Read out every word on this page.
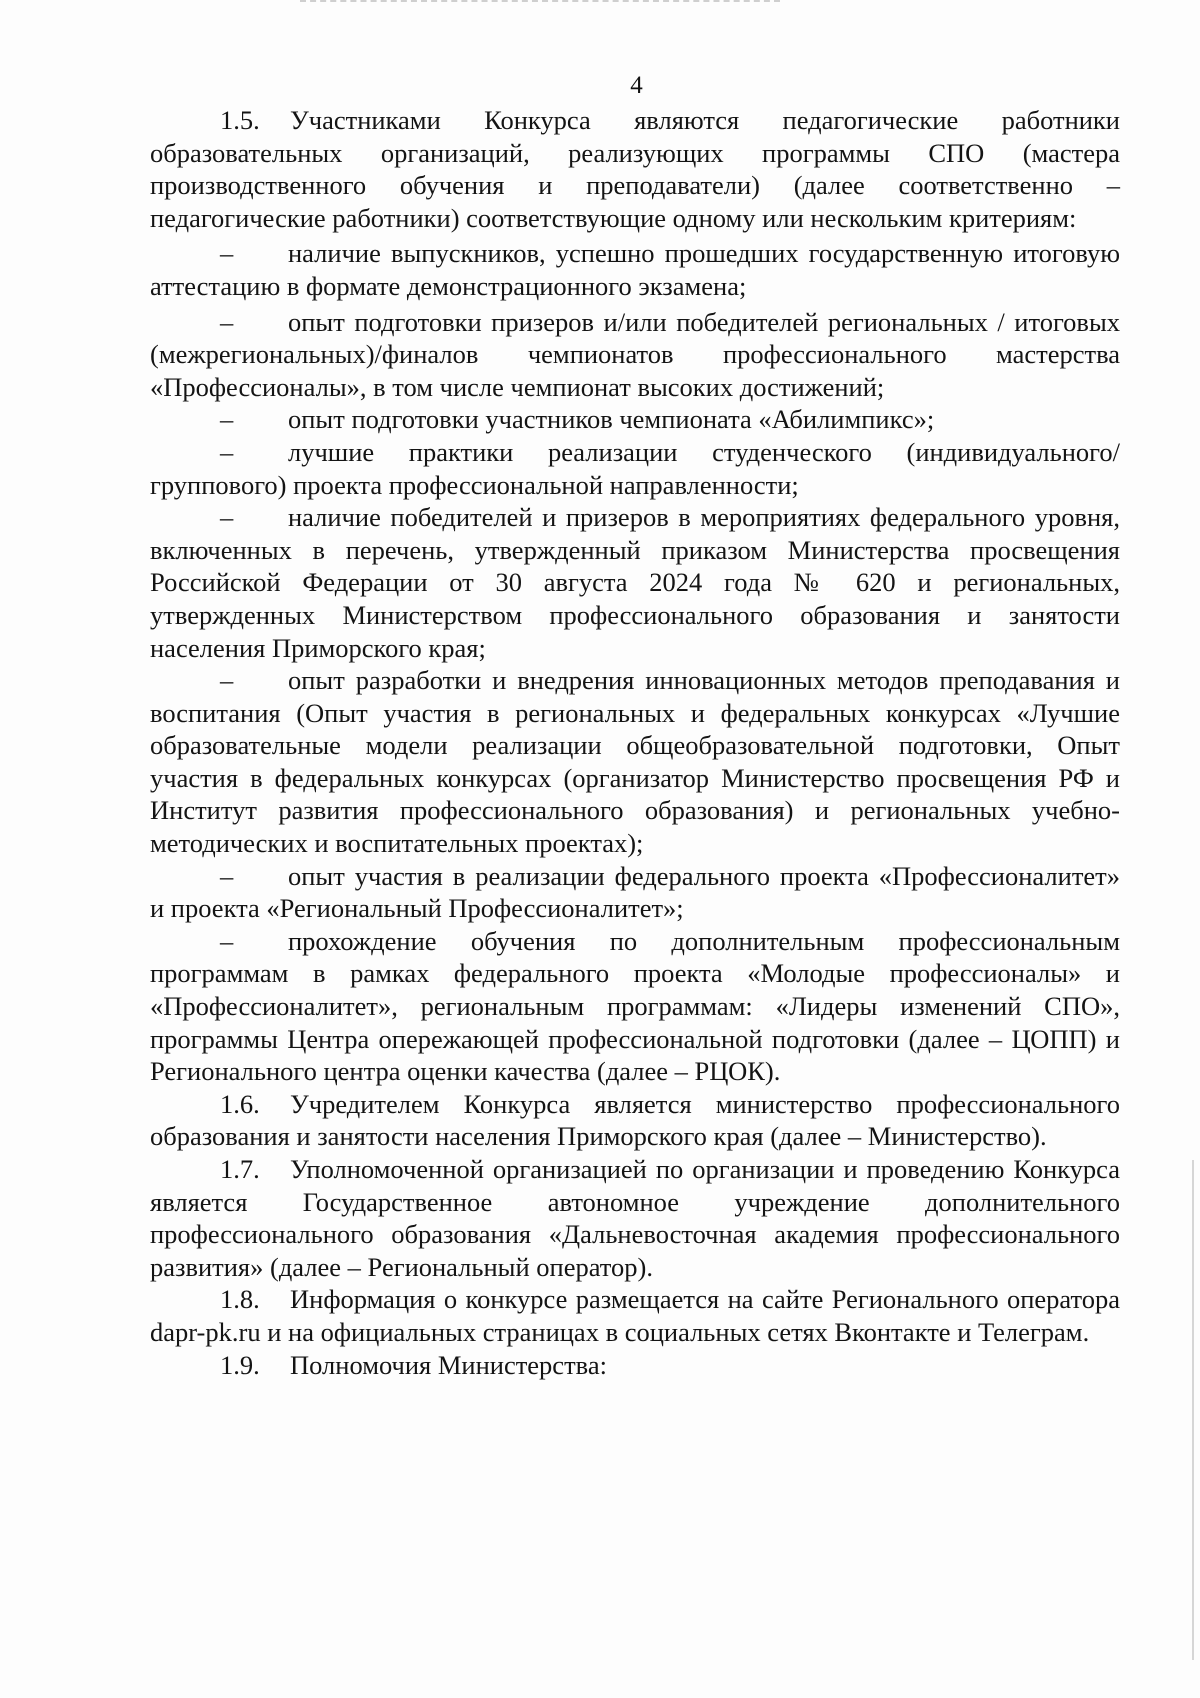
4

1.5. Участниками Конкурса являются педагогические работники образовательных организаций, реализующих программы СПО (мастера производственного обучения и преподаватели) (далее соответственно – педагогические работники) соответствующие одному или нескольким критериям:

– наличие выпускников, успешно прошедших государственную итоговую аттестацию в формате демонстрационного экзамена;

– опыт подготовки призеров и/или победителей региональных / итоговых (межрегиональных)/финалов чемпионатов профессионального мастерства «Профессионалы», в том числе чемпионат высоких достижений;

– опыт подготовки участников чемпионата «Абилимпикс»;

– лучшие практики реализации студенческого (индивидуального/ группового) проекта профессиональной направленности;

– наличие победителей и призеров в мероприятиях федерального уровня, включенных в перечень, утвержденный приказом Министерства просвещения Российской Федерации от 30 августа 2024 года № 620 и региональных, утвержденных Министерством профессионального образования и занятости населения Приморского края;

– опыт разработки и внедрения инновационных методов преподавания и воспитания (Опыт участия в региональных и федеральных конкурсах «Лучшие образовательные модели реализации общеобразовательной подготовки, Опыт участия в федеральных конкурсах (организатор Министерство просвещения РФ и Институт развития профессионального образования) и региональных учебно-методических и воспитательных проектах);

– опыт участия в реализации федерального проекта «Профессионалитет» и проекта «Региональный Профессионалитет»;

– прохождение обучения по дополнительным профессиональным программам в рамках федерального проекта «Молодые профессионалы» и «Профессионалитет», региональным программам: «Лидеры изменений СПО», программы Центра опережающей профессиональной подготовки (далее – ЦОПП) и Регионального центра оценки качества (далее – РЦОК).

1.6. Учредителем Конкурса является министерство профессионального образования и занятости населения Приморского края (далее – Министерство).

1.7. Уполномоченной организацией по организации и проведению Конкурса является Государственное автономное учреждение дополнительного профессионального образования «Дальневосточная академия профессионального развития» (далее – Региональный оператор).

1.8. Информация о конкурсе размещается на сайте Регионального оператора dapr-pk.ru и на официальных страницах в социальных сетях Вконтакте и Телеграм.

1.9. Полномочия Министерства:
